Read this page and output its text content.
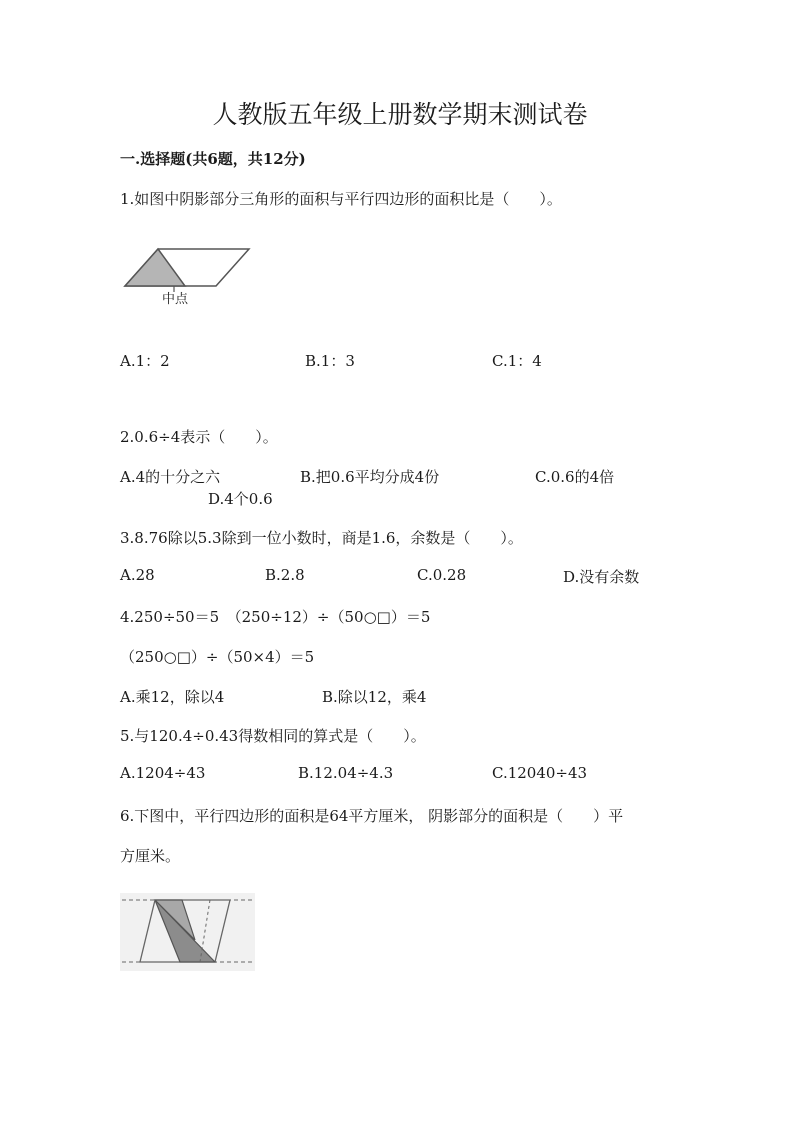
人教版五年级上册数学期末测试卷
一.选择题(共6题，共12分)
1.如图中阴影部分三角形的面积与平行四边形的面积比是（　　）。
中点
A.1：2	B.1：3	C.1：4
2.0.6÷4表示（　　）。
A.4的十分之六	B.把0.6平均分成4份	C.0.6的4倍
D.4个0.6
3.8.76除以5.3除到一位小数时，商是1.6，余数是（　　）。
A.28	B.2.8	C.0.28	D.没有余数
4.250÷50＝5　（250÷12）÷（50○□）＝5
（250○□）÷（50×4）＝5
A.乘12，除以4	B.除以12，乘4
5.与120.4÷0.43得数相同的算式是（　　）。
A.1204÷43	B.12.04÷4.3	C.12040÷43
6.下图中，平行四边形的面积是64平方厘米， 阴影部分的面积是（　　）平
方厘米。
